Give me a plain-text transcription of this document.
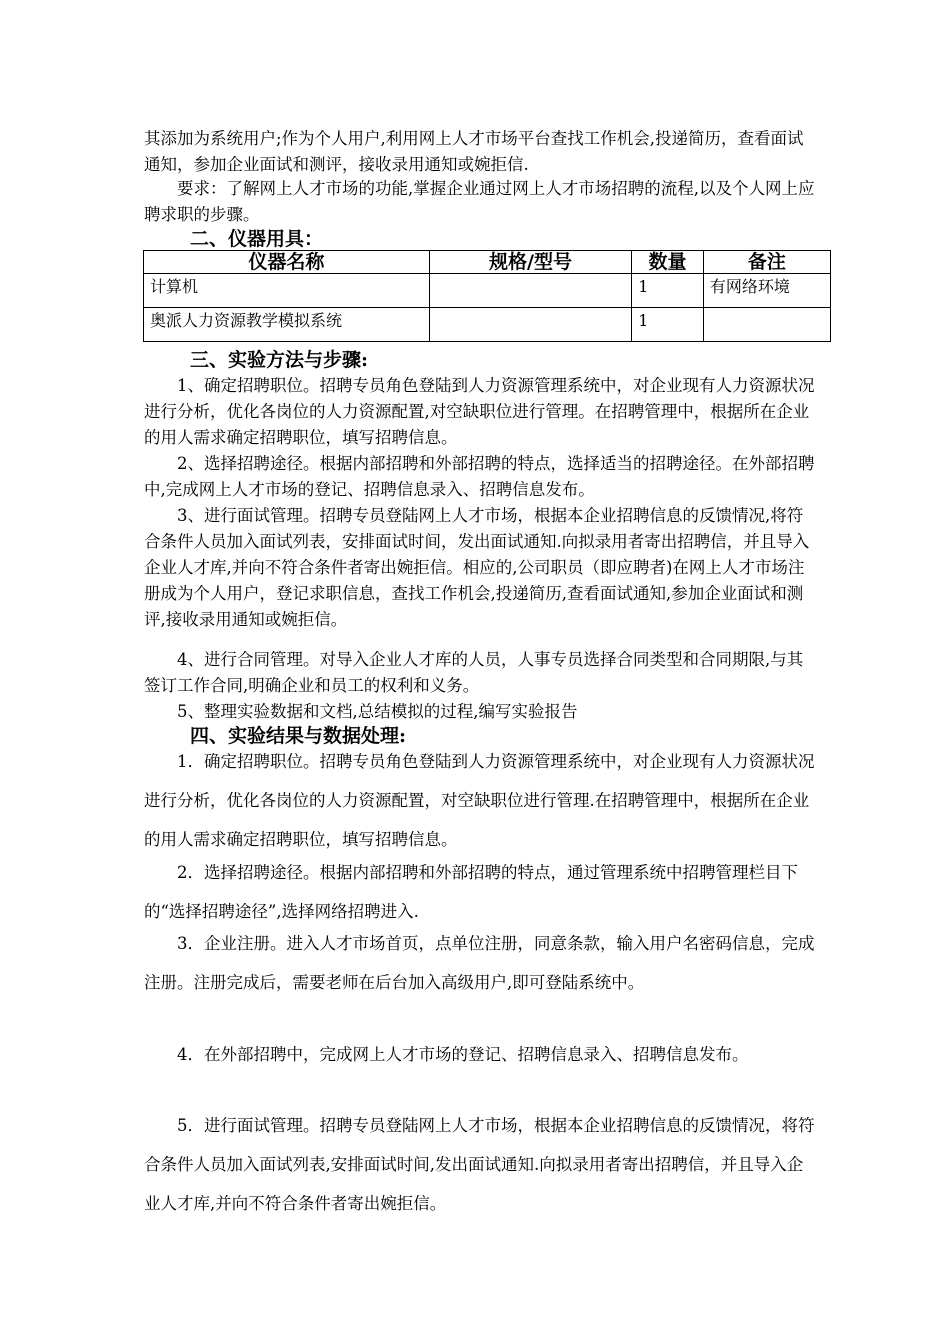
其添加为系统用户;作为个人用户,利用网上人才市场平台查找工作机会,投递简历，查看面试通知，参加企业面试和测评，接收录用通知或婉拒信.

要求：了解网上人才市场的功能,掌握企业通过网上人才市场招聘的流程,以及个人网上应聘求职的步骤。

二、仪器用具：
仪器名称	规格/型号	数量	备注
计算机		1	有网络环境
奥派人力资源教学模拟系统		1	
三、实验方法与步骤:

1、确定招聘职位。招聘专员角色登陆到人力资源管理系统中，对企业现有人力资源状况进行分析，优化各岗位的人力资源配置,对空缺职位进行管理。在招聘管理中，根据所在企业的用人需求确定招聘职位，填写招聘信息。

2、选择招聘途径。根据内部招聘和外部招聘的特点，选择适当的招聘途径。在外部招聘中,完成网上人才市场的登记、招聘信息录入、招聘信息发布。

3、进行面试管理。招聘专员登陆网上人才市场，根据本企业招聘信息的反馈情况,将符合条件人员加入面试列表，安排面试时间，发出面试通知.向拟录用者寄出招聘信，并且导入企业人才库,并向不符合条件者寄出婉拒信。相应的,公司职员（即应聘者)在网上人才市场注册成为个人用户，登记求职信息，查找工作机会,投递简历,查看面试通知,参加企业面试和测评,接收录用通知或婉拒信。

4、进行合同管理。对导入企业人才库的人员，人事专员选择合同类型和合同期限,与其签订工作合同,明确企业和员工的权利和义务。

5、整理实验数据和文档,总结模拟的过程,编写实验报告

四、实验结果与数据处理:

1．确定招聘职位。招聘专员角色登陆到人力资源管理系统中，对企业现有人力资源状况进行分析，优化各岗位的人力资源配置，对空缺职位进行管理.在招聘管理中，根据所在企业的用人需求确定招聘职位，填写招聘信息。

2．选择招聘途径。根据内部招聘和外部招聘的特点，通过管理系统中招聘管理栏目下的“选择招聘途径”,选择网络招聘进入.

3．企业注册。进入人才市场首页，点单位注册，同意条款，输入用户名密码信息，完成注册。注册完成后，需要老师在后台加入高级用户,即可登陆系统中。

4．在外部招聘中，完成网上人才市场的登记、招聘信息录入、招聘信息发布。

5．进行面试管理。招聘专员登陆网上人才市场，根据本企业招聘信息的反馈情况，将符合条件人员加入面试列表,安排面试时间,发出面试通知.向拟录用者寄出招聘信，并且导入企业人才库,并向不符合条件者寄出婉拒信。
